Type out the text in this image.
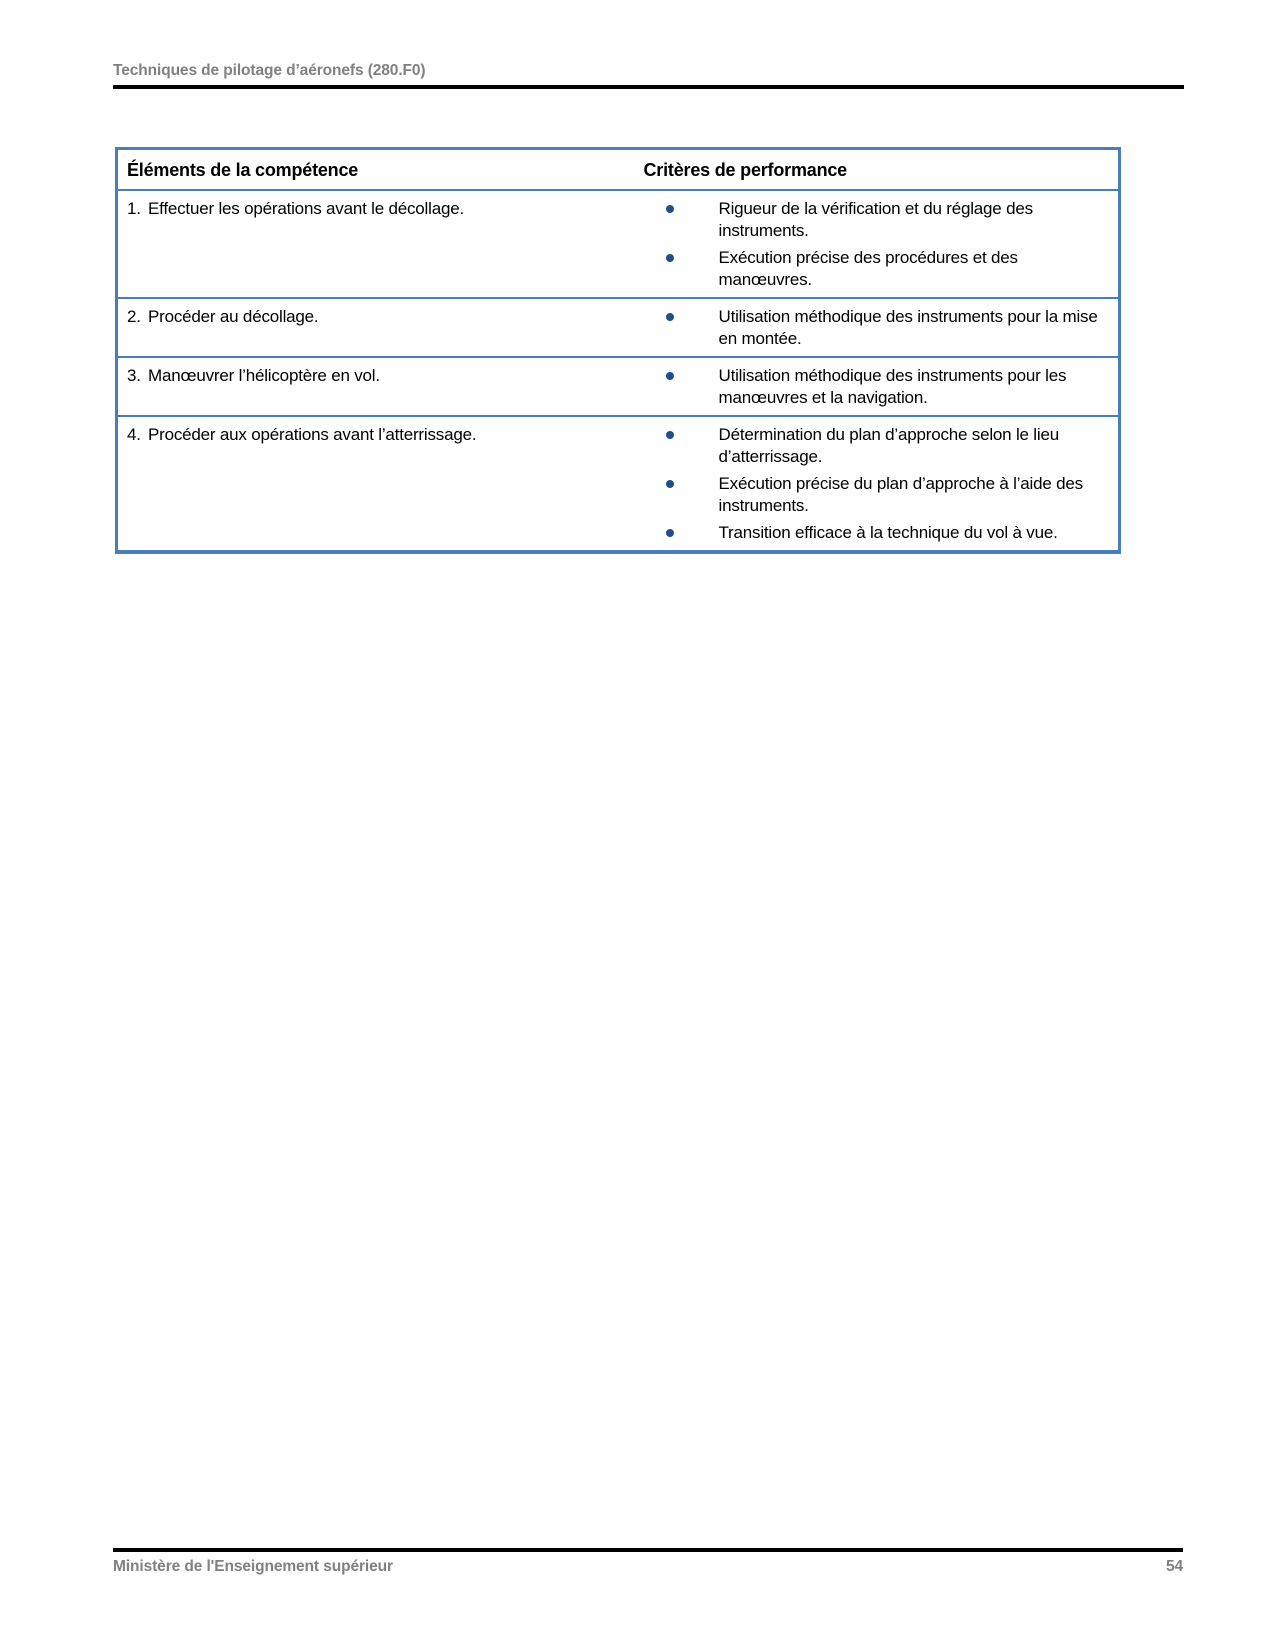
Techniques de pilotage d’aéronefs (280.F0)
Éléments de la compétence	Critères de performance
1. Effectuer les opérations avant le décollage.	Rigueur de la vérification et du réglage des instruments.
Exécution précise des procédures et des manœuvres.

2. Procéder au décollage.	Utilisation méthodique des instruments pour la mise en montée.

3. Manœuvrer l’hélicoptère en vol.	Utilisation méthodique des instruments pour les manœuvres et la navigation.

4. Procéder aux opérations avant l’atterrissage.	Détermination du plan d’approche selon le lieu d’atterrissage.
Exécution précise du plan d’approche à l’aide des instruments.
Transition efficace à la technique du vol à vue.
Ministère de l'Enseignement supérieur	54
